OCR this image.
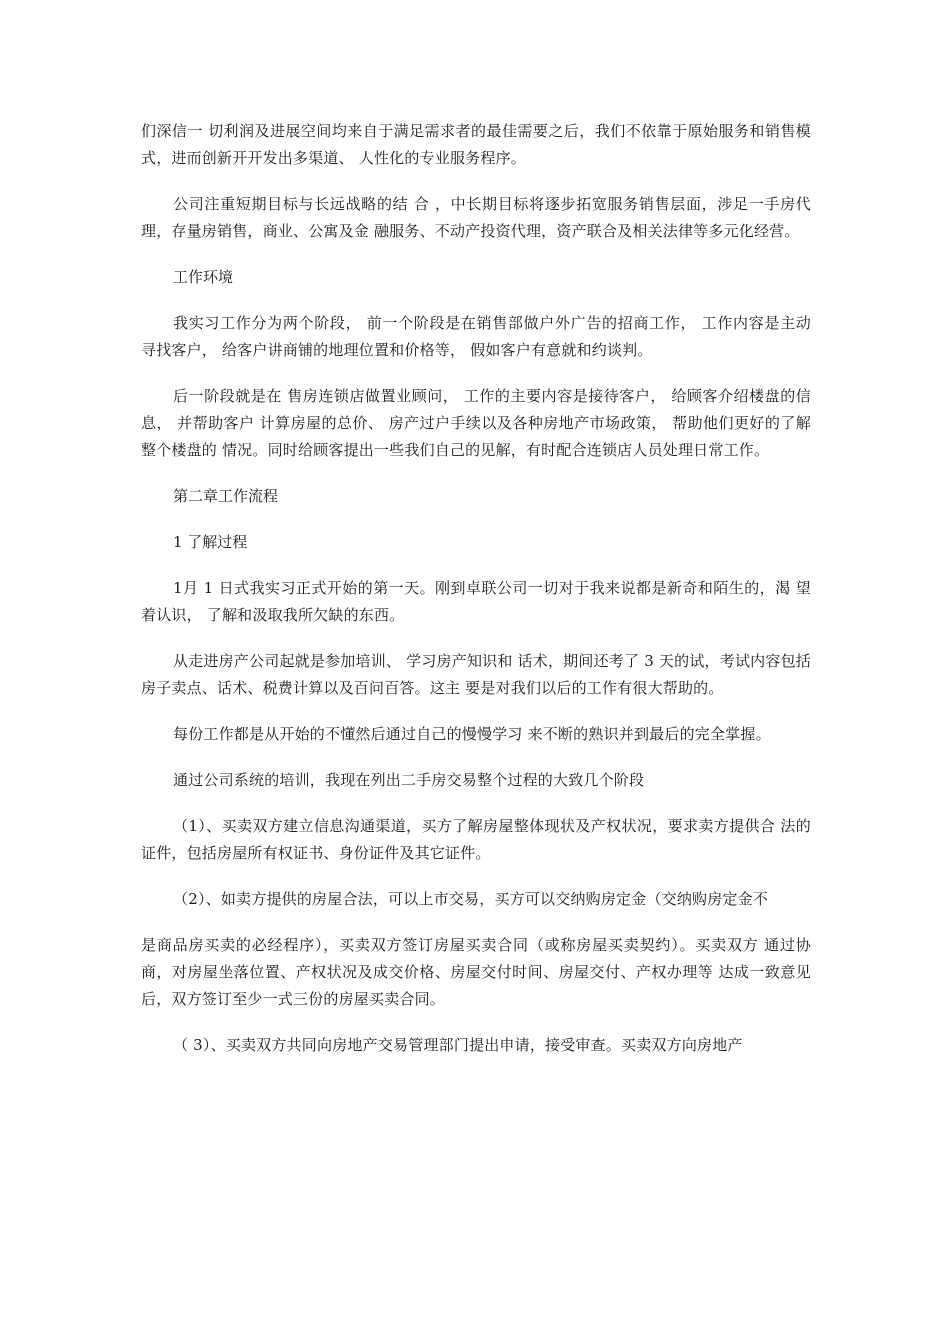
们深信一 切利润及进展空间均来自于满足需求者的最佳需要之后，我们不依靠于原始服务和销售模 式，进而创新开开发出多渠道、 人性化的专业服务程序。

公司注重短期目标与长远战略的结 合 ，中长期目标将逐步拓宽服务销售层面，涉足一手房代理，存量房销售，商业、公寓及金 融服务、不动产投资代理，资产联合及相关法律等多元化经营。

工作环境

我实习工作分为两个阶段， 前一个阶段是在销售部做户外广告的招商工作， 工作内容是主动 寻找客户， 给客户讲商铺的地理位置和价格等， 假如客户有意就和约谈判。

后一阶段就是在 售房连锁店做置业顾问， 工作的主要内容是接待客户， 给顾客介绍楼盘的信息， 并帮助客户 计算房屋的总价、 房产过户手续以及各种房地产市场政策， 帮助他们更好的了解整个楼盘的 情况。同时给顾客提出一些我们自己的见解，有时配合连锁店人员处理日常工作。

第二章工作流程

1 了解过程

1月 1 日式我实习正式开始的第一天。刚到卓联公司一切对于我来说都是新奇和陌生的，渴 望着认识， 了解和汲取我所欠缺的东西。

从走进房产公司起就是参加培训、 学习房产知识和 话术，期间还考了 3 天的试，考试内容包括房子卖点、话术、税费计算以及百问百答。这主 要是对我们以后的工作有很大帮助的。

每份工作都是从开始的不懂然后通过自己的慢慢学习 来不断的熟识并到最后的完全掌握。

通过公司系统的培训，我现在列出二手房交易整个过程的大致几个阶段

（1）、买卖双方建立信息沟通渠道，买方了解房屋整体现状及产权状况，要求卖方提供合 法的证件，包括房屋所有权证书、身份证件及其它证件。

（2）、如卖方提供的房屋合法，可以上市交易，买方可以交纳购房定金（交纳购房定金不

是商品房买卖的必经程序），买卖双方签订房屋买卖合同（或称房屋买卖契约）。买卖双方 通过协商，对房屋坐落位置、产权状况及成交价格、房屋交付时间、房屋交付、产权办理等 达成一致意见后，双方签订至少一式三份的房屋买卖合同。

（ 3）、买卖双方共同向房地产交易管理部门提出申请，接受审查。买卖双方向房地产
